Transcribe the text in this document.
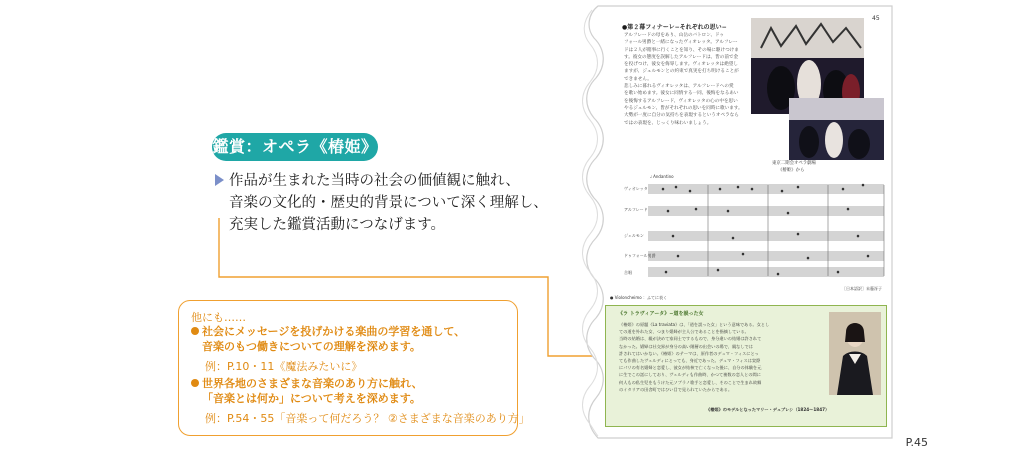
鑑賞：オペラ《椿姫》
作品が生まれた当時の社会の価値観に触れ、
音楽の文化的・歴史的背景について深く理解し、
充実した鑑賞活動につなげます。
他にも……
社会にメッセージを投げかける楽曲の学習を通して、
音楽のもつ働きについての理解を深めます。
例：P.10・11《魔法みたいに》
世界各地のさまざまな音楽のあり方に触れ、
「音楽とは何か」について考えを深めます。
例：P.54・55「音楽って何だろう？ ②さまざまな音楽のあり方」
45
●第２幕フィナーレ−それぞれの思い−
アルフレードの母をあり、山岳のバトロン、ドゥ
フォール男爵と一緒になったヴィオレッタ。アルフレー
ドは２人が賭事に行くことを知り、その場に駆けつけま
す。彼女の態度を誤解したアルフレードは、皆の前で金
を投げつけ、彼女を侮辱します。ヴィオレッタは絶望し
ますが、ジェルモンとの約束で真実を打ち明けることが
できません。
悲しみに暮れるヴィオレッタは、アルフレードへの愛
を歌い始めます。彼女に同情する一同、後悔をなるあい
を後悔するアルフレード、ヴィオレッタの心の中を思い
やるジェルモン、皆がそれぞれの思いを同時に歌います。
大勢が一度に自分の気持ちを表現するというオペラなら
ではの表現を、じっくり味わいましょう。
東京二期会オペラ劇場
《椿姫》から
♩ Andantino
ヴィオレッタ
アルフレード
ジェルモン
ドゥフォール男爵
合唱
［日本語訳］末藤冴子
● Violoncheimo ：ふてに表く
《ラ トラヴィアータ》−道を誤った女
《椿姫》の原題《La traviata》は、「道を誤った女」という意味である。女とし
ての道を外れた女、つまり娼婦が主人公であることを指摘している。
当時の結婚は、親が決めて家同士でするもので、身分違いの結婚は許されて
なかった。娼婦は社交界が身分の高い階層の出会いの場で、親なしでは
許されてはいかない。《椿姫》のテーマは、原作者のデュマ・フィスにとっ
ても作曲したヴェルディにとっても、身近であった。デュマ・フィスは実際
にパリの有名娼婦と恋愛し、彼女が結核で亡くなった後に、自分の体験を元
に生でこの話にしており、ヴェルディも作曲時、かつて複数の恋人との間に
何人もの私生児をもうけた元ソプラノ歌手と恋愛し、そのことで生まれ故郷
のイタリアの田舎町ではひい目で見られていたからである。
《椿姫》のモデルとなったマリー・デュプレシ（1824〜1847）
P.45
